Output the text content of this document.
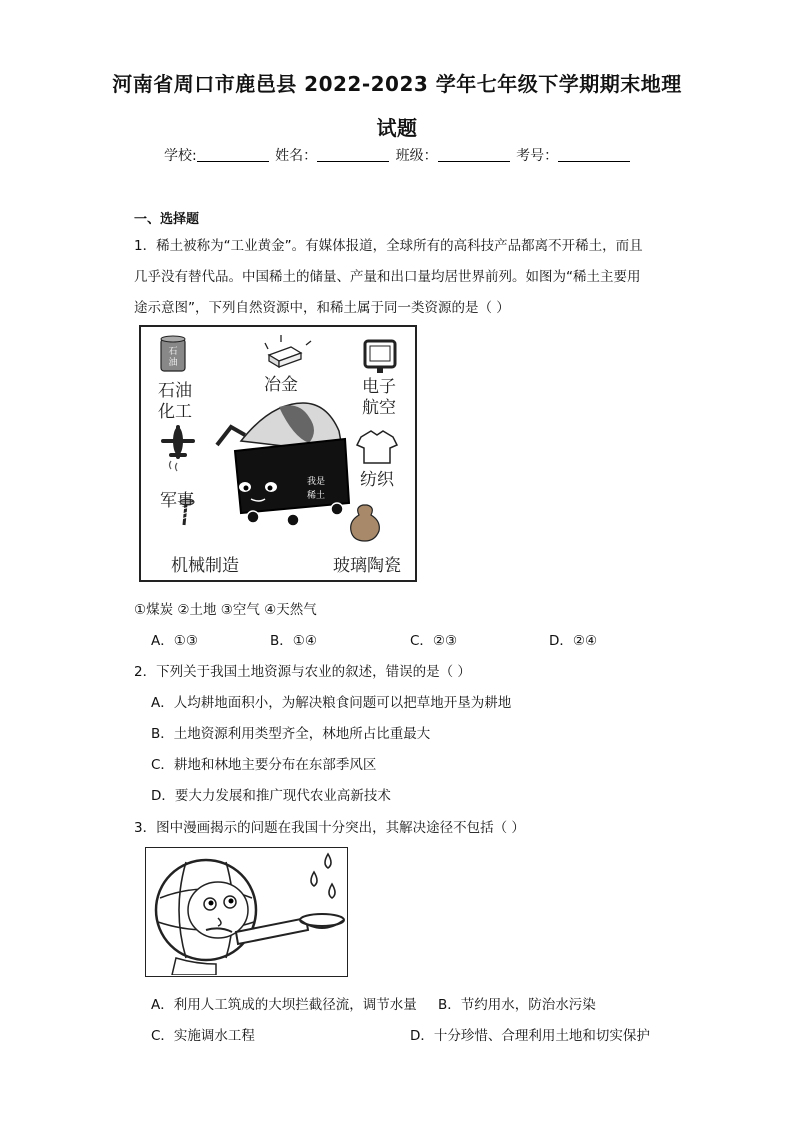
河南省周口市鹿邑县 2022-2023 学年七年级下学期期末地理
试题
学校:	姓名：	班级：	考号：
一、选择题
1．稀土被称为“工业黄金”。有媒体报道，全球所有的高科技产品都离不开稀土，而且
几乎没有替代品。中国稀土的储量、产量和出口量均居世界前列。如图为“稀土主要用
途示意图”，下列自然资源中，和稀土属于同一类资源的是（ ）
石
油
石油
化工
冶金	电子
航空
军事
纺织
机械制造	玻璃陶瓷
我是
稀土
①煤炭 ②土地 ③空气 ④天然气
A．①③	B．①④	C．②③	D．②④
2．下列关于我国土地资源与农业的叙述，错误的是（ ）
A．人均耕地面积小，为解决粮食问题可以把草地开垦为耕地
B．土地资源利用类型齐全，林地所占比重最大
C．耕地和林地主要分布在东部季风区
D．要大力发展和推广现代农业高新技术
3．图中漫画揭示的问题在我国十分突出，其解决途径不包括（ ）
A．利用人工筑成的大坝拦截径流，调节水量 B．节约用水，防治水污染
C．实施调水工程	D．十分珍惜、合理利用土地和切实保护
